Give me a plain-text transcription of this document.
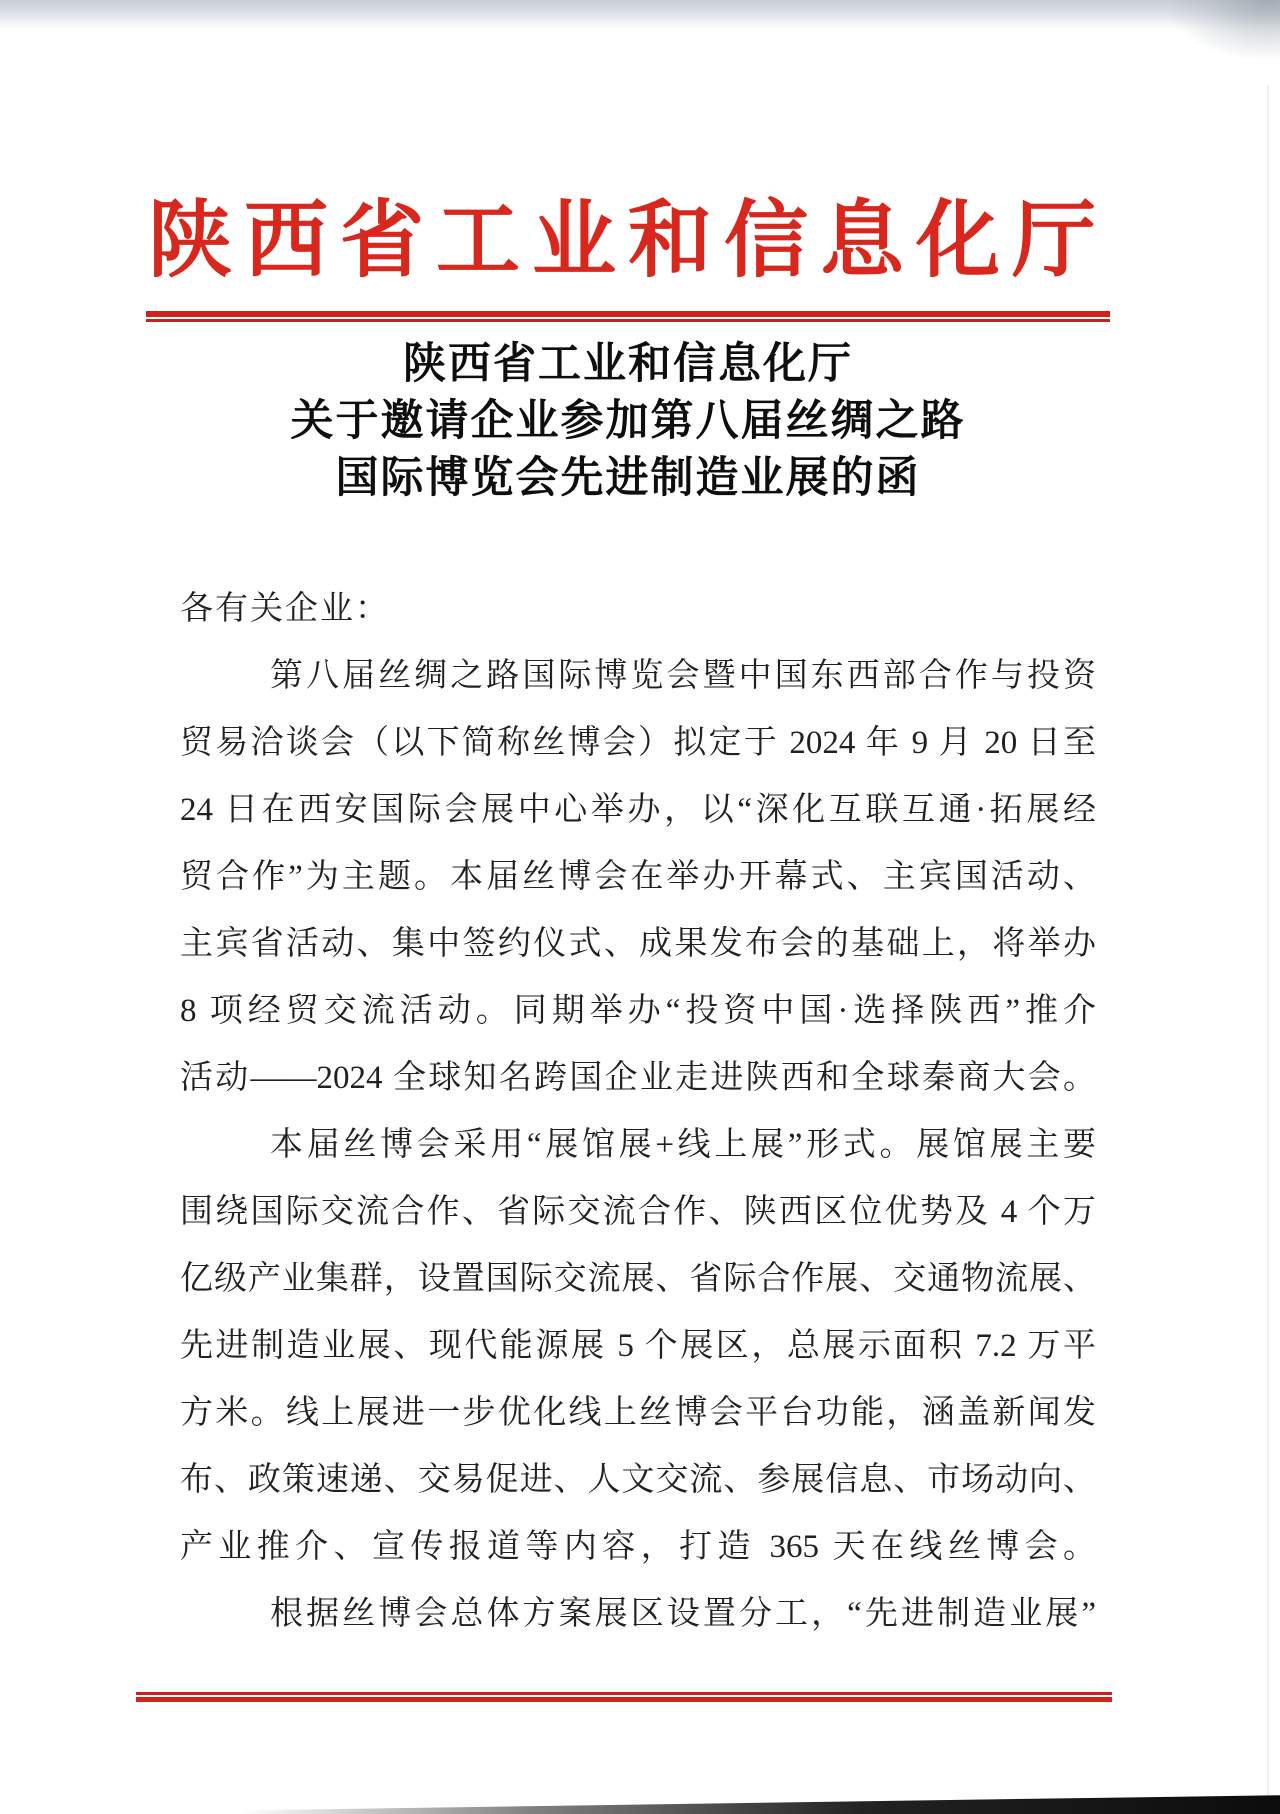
陕西省工业和信息化厅
陕西省工业和信息化厅
关于邀请企业参加第八届丝绸之路
国际博览会先进制造业展的函
各有关企业：
第八届丝绸之路国际博览会暨中国东西部合作与投资
贸易洽谈会（以下简称丝博会）拟定于 2024 年 9 月 20 日至
24 日在西安国际会展中心举办，以“深化互联互通·拓展经
贸合作”为主题。本届丝博会在举办开幕式、主宾国活动、
主宾省活动、集中签约仪式、成果发布会的基础上，将举办
8 项经贸交流活动。同期举办“投资中国·选择陕西”推介
活动——2024 全球知名跨国企业走进陕西和全球秦商大会。
本届丝博会采用“展馆展+线上展”形式。展馆展主要
围绕国际交流合作、省际交流合作、陕西区位优势及 4 个万
亿级产业集群，设置国际交流展、省际合作展、交通物流展、
先进制造业展、现代能源展 5 个展区，总展示面积 7.2 万平
方米。线上展进一步优化线上丝博会平台功能，涵盖新闻发
布、政策速递、交易促进、人文交流、参展信息、市场动向、
产业推介、宣传报道等内容，打造 365 天在线丝博会。
根据丝博会总体方案展区设置分工，“先进制造业展”
